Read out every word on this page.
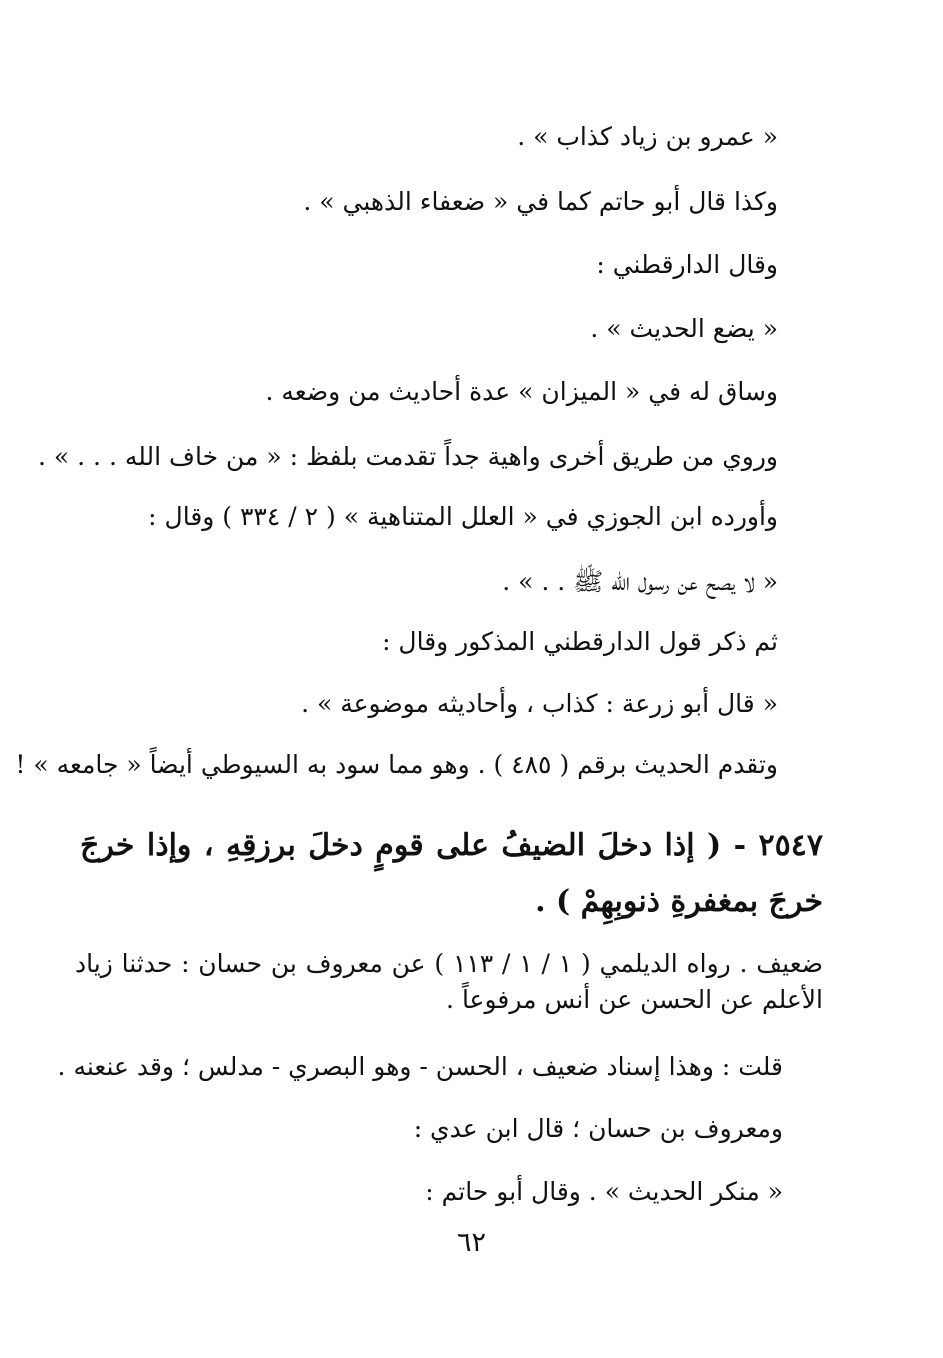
« عمرو بن زياد كذاب » .
وكذا قال أبو حاتم كما في « ضعفاء الذهبي » .
وقال الدارقطني :
« يضع الحديث » .
وساق له في « الميزان » عدة أحاديث من وضعه .
وروي من طريق أخرى واهية جداً تقدمت بلفظ : « من خاف الله . . . » .
وأورده ابن الجوزي في « العلل المتناهية » ( ٢ / ٣٣٤ ) وقال :
« لا يصح عن رسول الله ﷺ . . » .
ثم ذكر قول الدارقطني المذكور وقال :
« قال أبو زرعة : كذاب ، وأحاديثه موضوعة » .
وتقدم الحديث برقم ( ٤٨٥ ) . وهو مما سود به السيوطي أيضاً « جامعه » !
٢٥٤٧ - ( إذا دخلَ الضيفُ على قومٍ دخلَ برزقِهِ ، وإذا خرجَ خرجَ بمغفرةِ ذنوبِهِمْ ) .
ضعيف . رواه الديلمي ( ١ / ١ / ١١٣ ) عن معروف بن حسان : حدثنا زياد الأعلم عن الحسن عن أنس مرفوعاً .
قلت : وهذا إسناد ضعيف ، الحسن - وهو البصري - مدلس ؛ وقد عنعنه .
ومعروف بن حسان ؛ قال ابن عدي :
« منكر الحديث » . وقال أبو حاتم :
٦٢
